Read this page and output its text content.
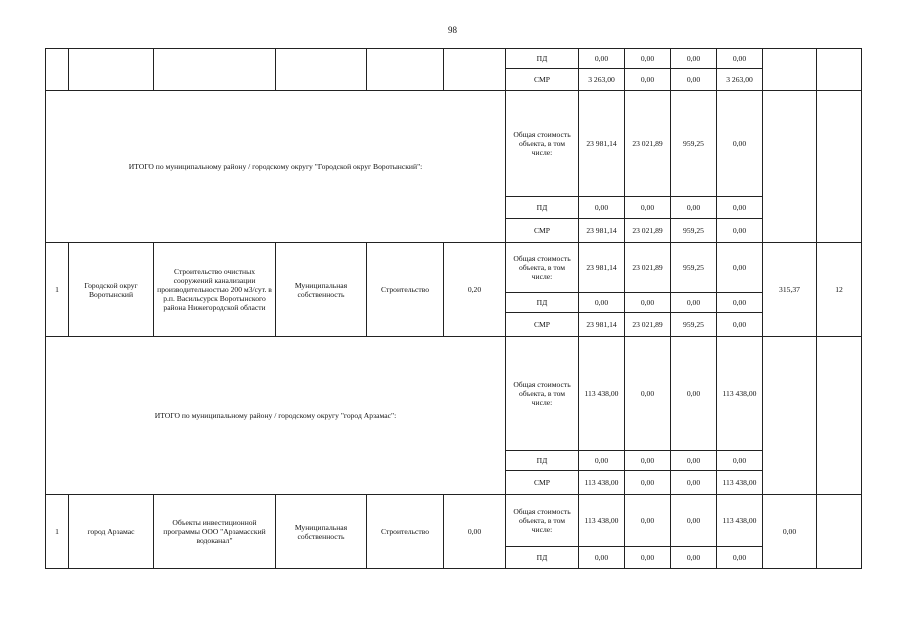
98
						ПД	0,00	0,00	0,00	0,00		
						СМР	3 263,00	0,00	0,00	3 263,00		
ИТОГО по муниципальному району / городскому округу "Городской округ Воротынский":						Общая стоимость объекта, в том числе:	23 981,14	23 021,89	959,25	0,00		
						ПД	0,00	0,00	0,00	0,00		
						СМР	23 981,14	23 021,89	959,25	0,00		
1	Городской округ Воротынский	Строительство очистных сооружений канализации производительностью 200 м3/сут. в р.п. Васильсурск Воротынского района Нижегородской области	Муниципальная собственность	Строительство	0,20	Общая стоимость объекта, в том числе:	23 981,14	23 021,89	959,25	0,00	315,37	12
						ПД	0,00	0,00	0,00	0,00		
						СМР	23 981,14	23 021,89	959,25	0,00		
ИТОГО по муниципальному району / городскому округу "город Арзамас":						Общая стоимость объекта, в том числе:	113 438,00	0,00	0,00	113 438,00		
						ПД	0,00	0,00	0,00	0,00		
						СМР	113 438,00	0,00	0,00	113 438,00		
1	город Арзамас	Объекты инвестиционной программы ООО "Арзамасский водоканал"	Муниципальная собственность	Строительство	0,00	Общая стоимость объекта, в том числе:	113 438,00	0,00	0,00	113 438,00	0,00	
						ПД	0,00	0,00	0,00	0,00		
